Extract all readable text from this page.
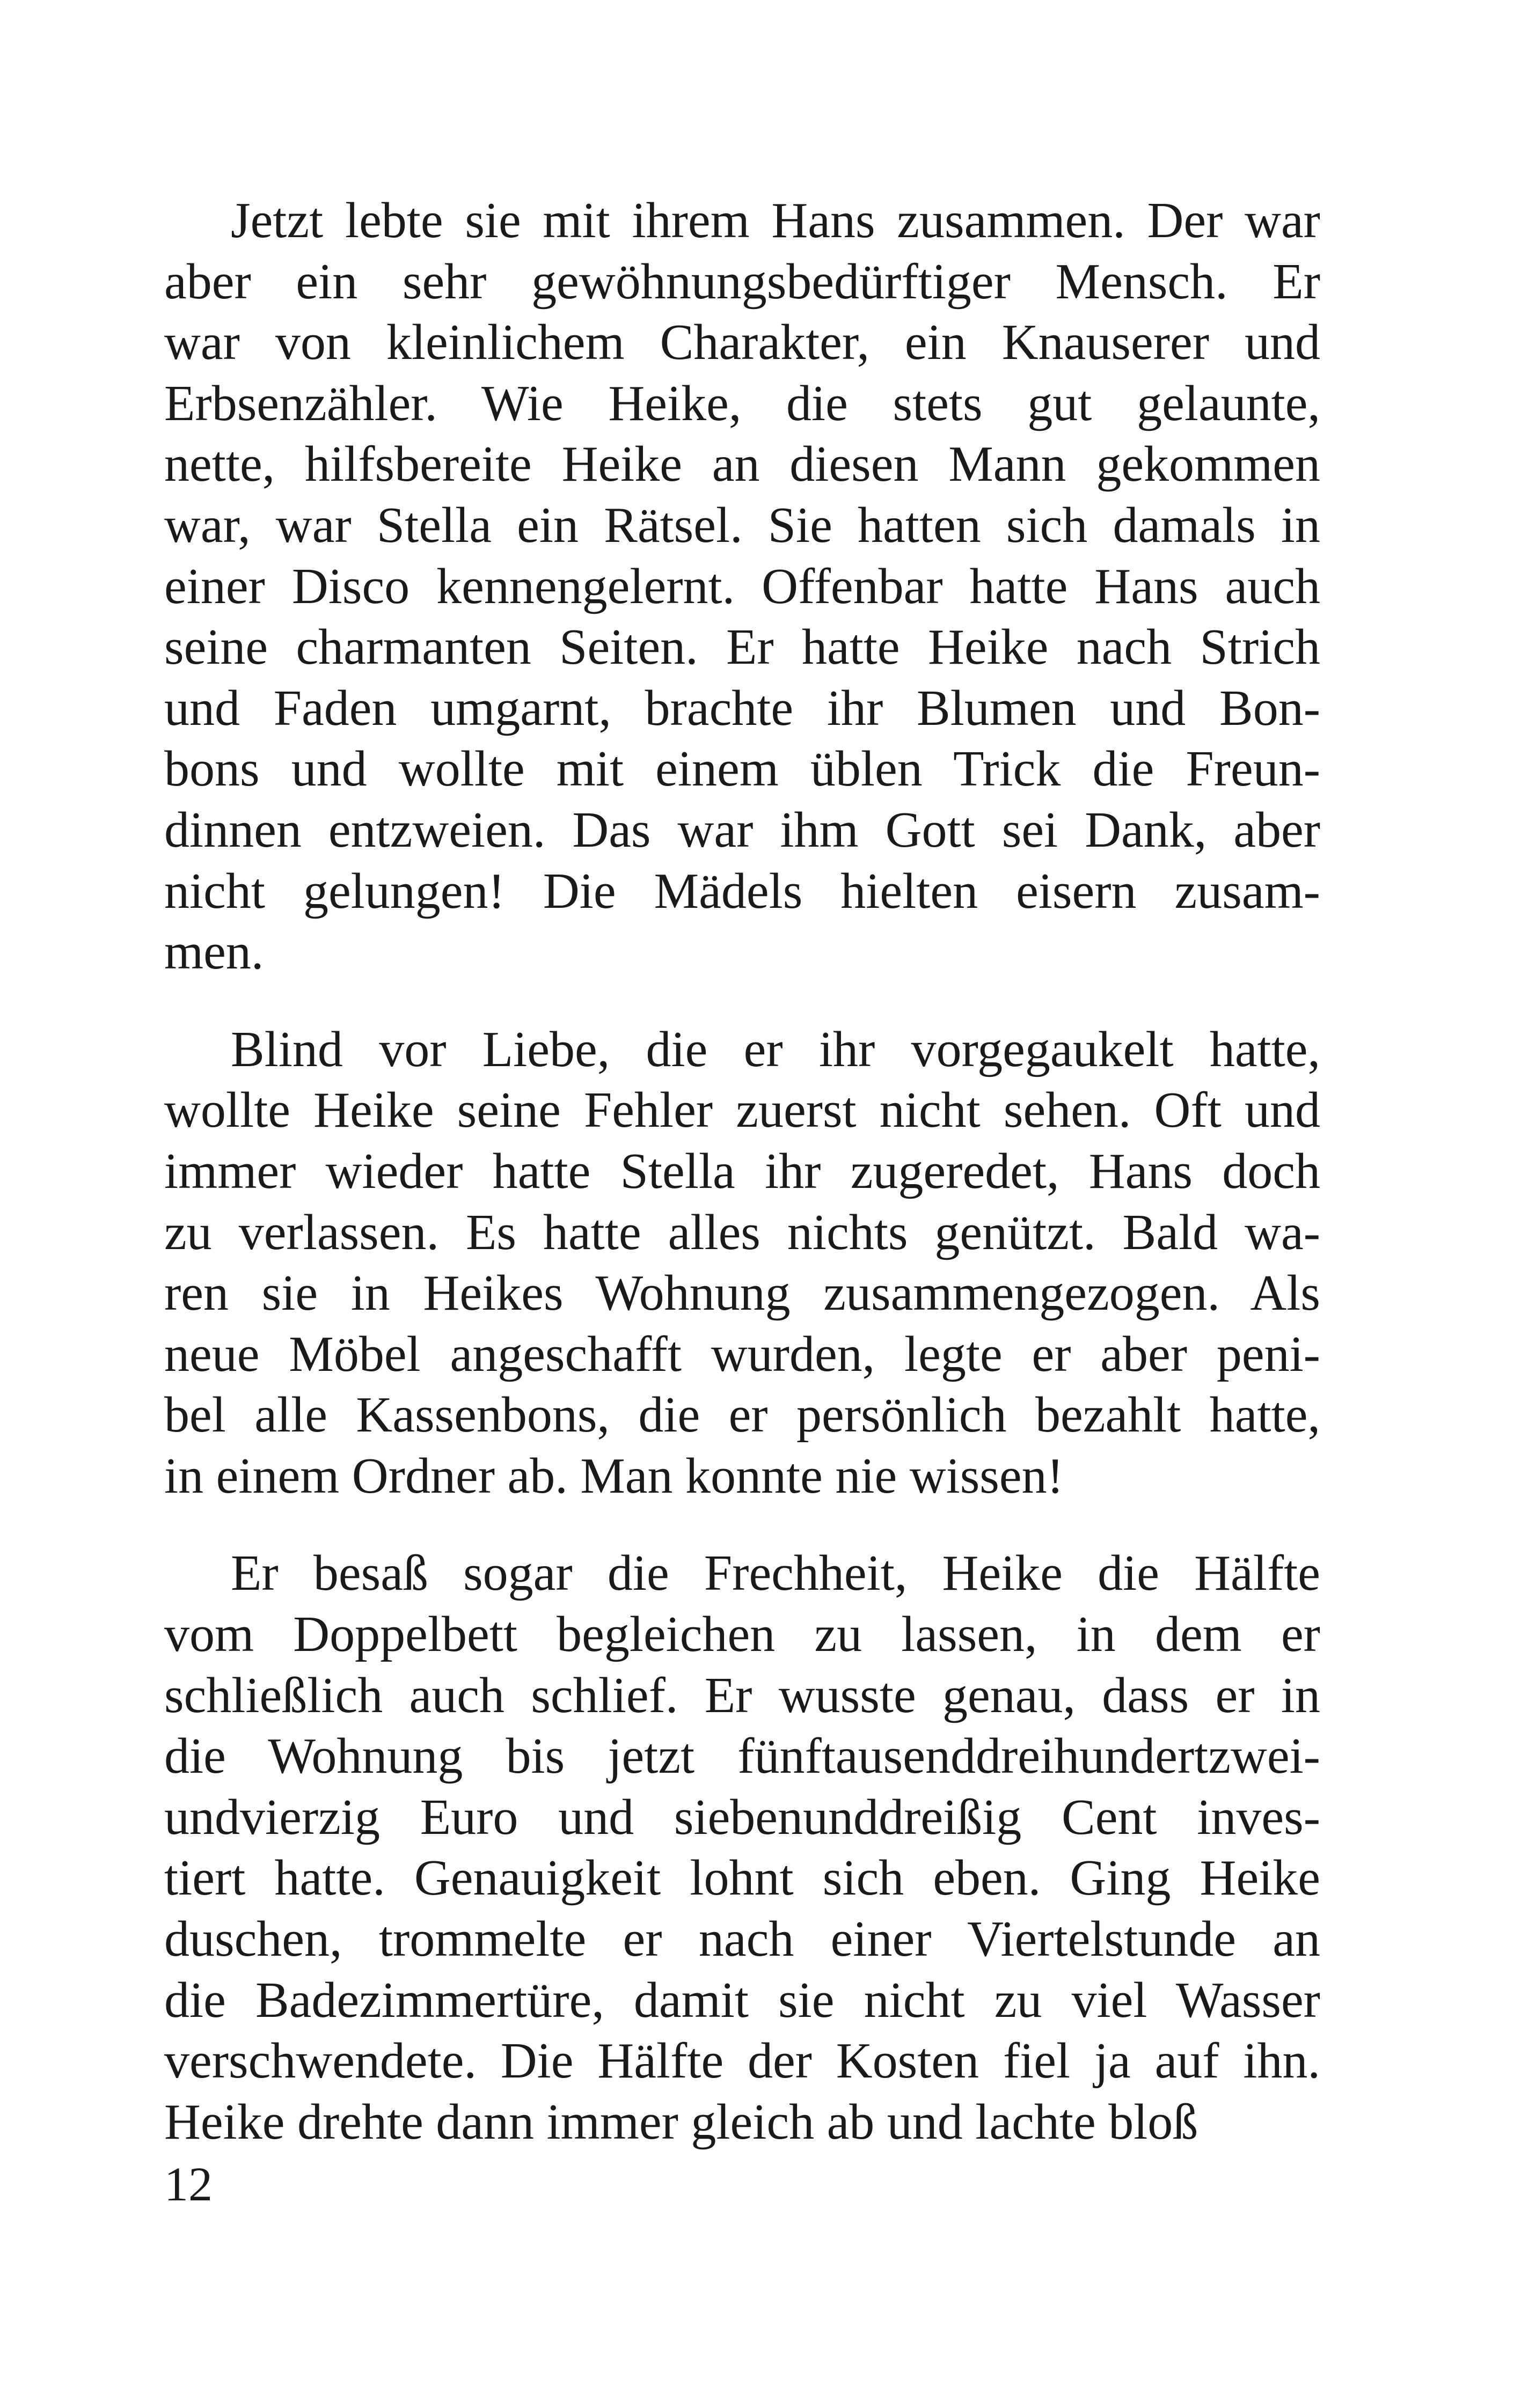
Jetzt lebte sie mit ihrem Hans zusammen. Der war
aber ein sehr gewöhnungsbedürftiger Mensch. Er
war von kleinlichem Charakter, ein Knauserer und
Erbsenzähler. Wie Heike, die stets gut gelaunte,
nette, hilfsbereite Heike an diesen Mann gekommen
war, war Stella ein Rätsel. Sie hatten sich damals in
einer Disco kennengelernt. Offenbar hatte Hans auch
seine charmanten Seiten. Er hatte Heike nach Strich
und Faden umgarnt, brachte ihr Blumen und Bon-
bons und wollte mit einem üblen Trick die Freun-
dinnen entzweien. Das war ihm Gott sei Dank, aber
nicht gelungen! Die Mädels hielten eisern zusam-
men.

Blind vor Liebe, die er ihr vorgegaukelt hatte,
wollte Heike seine Fehler zuerst nicht sehen. Oft und
immer wieder hatte Stella ihr zugeredet, Hans doch
zu verlassen. Es hatte alles nichts genützt. Bald wa-
ren sie in Heikes Wohnung zusammengezogen. Als
neue Möbel angeschafft wurden, legte er aber peni-
bel alle Kassenbons, die er persönlich bezahlt hatte,
in einem Ordner ab. Man konnte nie wissen!

Er besaß sogar die Frechheit, Heike die Hälfte
vom Doppelbett begleichen zu lassen, in dem er
schließlich auch schlief. Er wusste genau, dass er in
die Wohnung bis jetzt fünftausenddreihundertzwei-
undvierzig Euro und siebenunddreißig Cent inves-
tiert hatte. Genauigkeit lohnt sich eben. Ging Heike
duschen, trommelte er nach einer Viertelstunde an
die Badezimmertüre, damit sie nicht zu viel Wasser
verschwendete. Die Hälfte der Kosten fiel ja auf ihn.
Heike drehte dann immer gleich ab und lachte bloß

12
